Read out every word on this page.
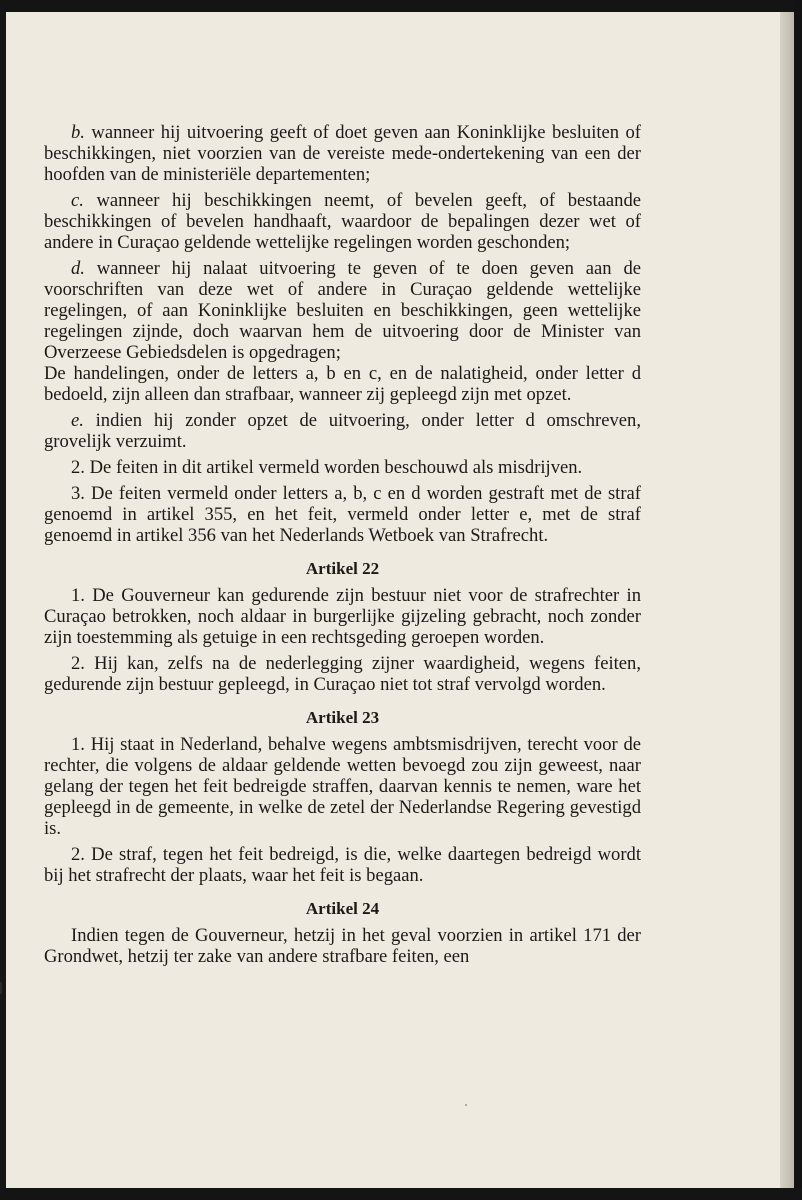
b. wanneer hij uitvoering geeft of doet geven aan Koninklijke besluiten of beschikkingen, niet voorzien van de vereiste mede-ondertekening van een der hoofden van de ministeriële departementen;

c. wanneer hij beschikkingen neemt, of bevelen geeft, of bestaande beschikkingen of bevelen handhaaft, waardoor de bepalingen dezer wet of andere in Curaçao geldende wettelijke regelingen worden geschonden;

d. wanneer hij nalaat uitvoering te geven of te doen geven aan de voorschriften van deze wet of andere in Curaçao geldende wettelijke regelingen, of aan Koninklijke besluiten en beschikkingen, geen wettelijke regelingen zijnde, doch waarvan hem de uitvoering door de Minister van Overzeese Gebiedsdelen is opgedragen;

De handelingen, onder de letters a, b en c, en de nalatigheid, onder letter d bedoeld, zijn alleen dan strafbaar, wanneer zij gepleegd zijn met opzet.

e. indien hij zonder opzet de uitvoering, onder letter d omschreven, grovelijk verzuimt.

2. De feiten in dit artikel vermeld worden beschouwd als misdrijven.

3. De feiten vermeld onder letters a, b, c en d worden gestraft met de straf genoemd in artikel 355, en het feit, vermeld onder letter e, met de straf genoemd in artikel 356 van het Nederlands Wetboek van Strafrecht.

Artikel 22

1. De Gouverneur kan gedurende zijn bestuur niet voor de strafrechter in Curaçao betrokken, noch aldaar in burgerlijke gijzeling gebracht, noch zonder zijn toestemming als getuige in een rechtsgeding geroepen worden.

2. Hij kan, zelfs na de nederlegging zijner waardigheid, wegens feiten, gedurende zijn bestuur gepleegd, in Curaçao niet tot straf vervolgd worden.

Artikel 23

1. Hij staat in Nederland, behalve wegens ambtsmisdrijven, terecht voor de rechter, die volgens de aldaar geldende wetten bevoegd zou zijn geweest, naar gelang der tegen het feit bedreigde straffen, daarvan kennis te nemen, ware het gepleegd in de gemeente, in welke de zetel der Nederlandse Regering gevestigd is.

2. De straf, tegen het feit bedreigd, is die, welke daartegen bedreigd wordt bij het strafrecht der plaats, waar het feit is begaan.

Artikel 24

Indien tegen de Gouverneur, hetzij in het geval voorzien in artikel 171 der Grondwet, hetzij ter zake van andere strafbare feiten, een
